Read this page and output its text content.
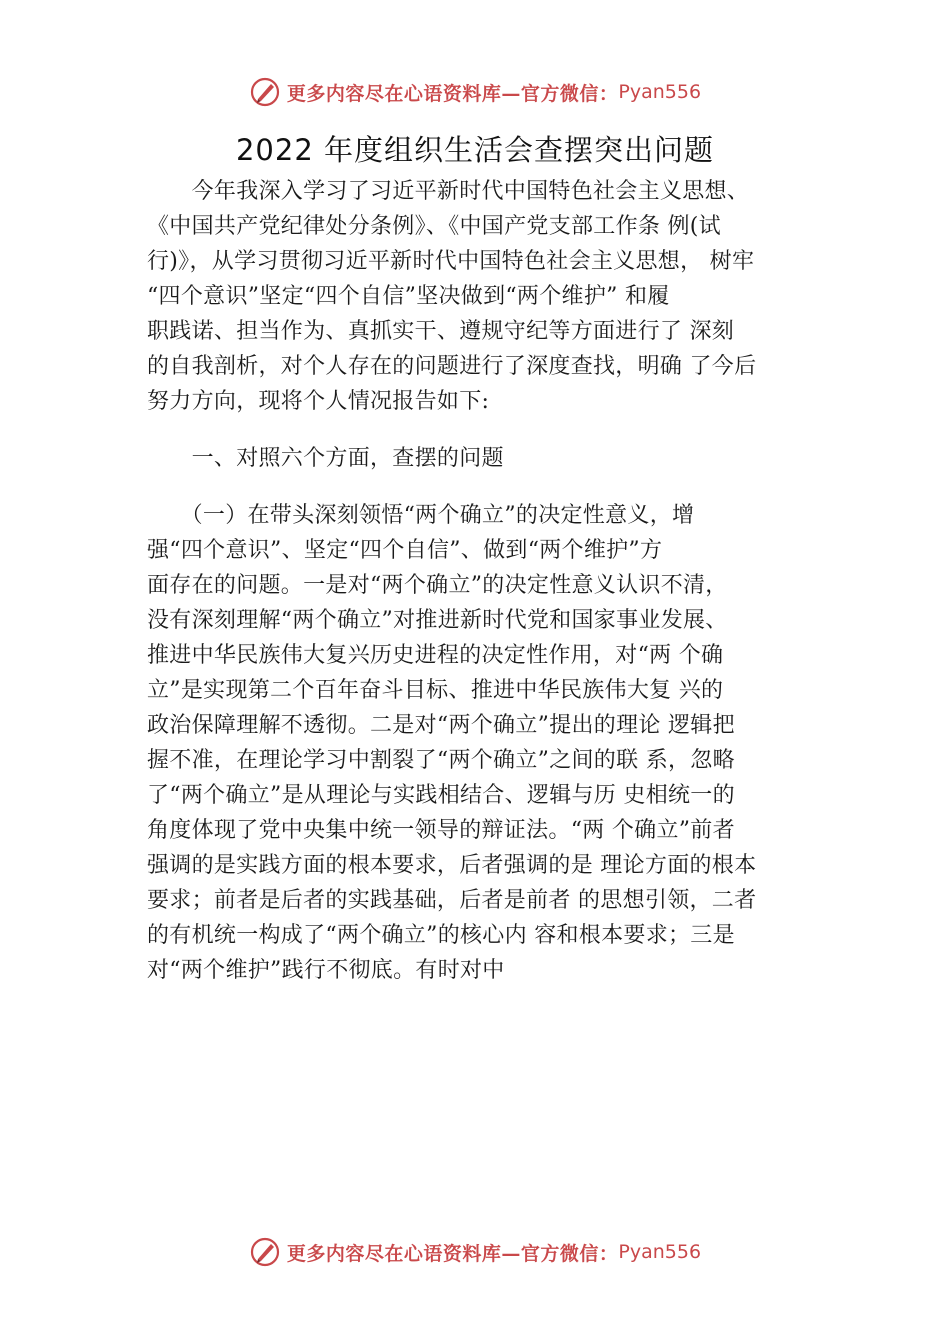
更多内容尽在心语资料库—官方微信： Pyan556
2022 年度组织生活会查摆突出问题
　　今年我深入学习了习近平新时代中国特色社会主义思想、
《中国共产党纪律处分条例》、《中国产党支部工作条 例(试
行)》，从学习贯彻习近平新时代中国特色社会主义思想， 树牢
“四个意识”坚定“四个自信”坚决做到“两个维护” 和履
职践诺、担当作为、真抓实干、遵规守纪等方面进行了 深刻
的自我剖析，对个人存在的问题进行了深度查找，明确 了今后
努力方向，现将个人情况报告如下:
　　一、对照六个方面，查摆的问题
　　（一）在带头深刻领悟“两个确立”的决定性意义，增
强“四个意识”、坚定“四个自信”、做到“两个维护”方
面存在的问题。一是对“两个确立”的决定性意义认识不清，
没有深刻理解“两个确立”对推进新时代党和国家事业发展、
推进中华民族伟大复兴历史进程的决定性作用，对“两 个确
立”是实现第二个百年奋斗目标、推进中华民族伟大复 兴的
政治保障理解不透彻。二是对“两个确立”提出的理论 逻辑把
握不准，在理论学习中割裂了“两个确立”之间的联 系，忽略
了“两个确立”是从理论与实践相结合、逻辑与历 史相统一的
角度体现了党中央集中统一领导的辩证法。“两 个确立”前者
强调的是实践方面的根本要求，后者强调的是 理论方面的根本
要求；前者是后者的实践基础，后者是前者 的思想引领，二者
的有机统一构成了“两个确立”的核心内 容和根本要求；三是
对“两个维护”践行不彻底。有时对中
更多内容尽在心语资料库—官方微信： Pyan556
